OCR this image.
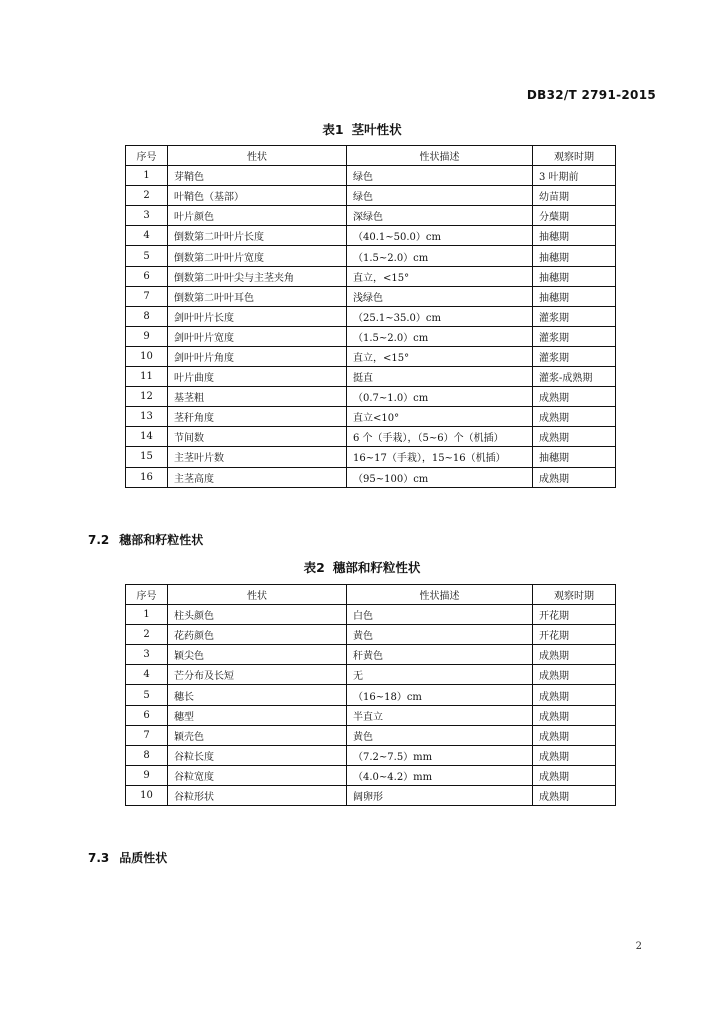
DB32/T 2791-2015
表1 茎叶性状
序号	性状	性状描述	观察时期
1	芽鞘色	绿色	3 叶期前
2	叶鞘色（基部）	绿色	幼苗期
3	叶片颜色	深绿色	分蘖期
4	倒数第二叶叶片长度	（40.1~50.0）cm	抽穗期
5	倒数第二叶叶片宽度	（1.5~2.0）cm	抽穗期
6	倒数第二叶叶尖与主茎夹角	直立，<15°	抽穗期
7	倒数第二叶叶耳色	浅绿色	抽穗期
8	剑叶叶片长度	（25.1~35.0）cm	灌浆期
9	剑叶叶片宽度	（1.5~2.0）cm	灌浆期
10	剑叶叶片角度	直立，<15°	灌浆期
11	叶片曲度	挺直	灌浆-成熟期
12	基茎粗	（0.7~1.0）cm	成熟期
13	茎秆角度	直立<10°	成熟期
14	节间数	6 个（手栽），（5~6）个（机插）	成熟期
15	主茎叶片数	16~17（手栽），15~16（机插）	抽穗期
16	主茎高度	（95~100）cm	成熟期
7.2 穗部和籽粒性状
表2 穗部和籽粒性状
序号	性状	性状描述	观察时期
1	柱头颜色	白色	开花期
2	花药颜色	黄色	开花期
3	颖尖色	秆黄色	成熟期
4	芒分布及长短	无	成熟期
5	穗长	（16~18）cm	成熟期
6	穗型	半直立	成熟期
7	颖壳色	黄色	成熟期
8	谷粒长度	（7.2~7.5）mm	成熟期
9	谷粒宽度	（4.0~4.2）mm	成熟期
10	谷粒形状	阔卵形	成熟期
7.3 品质性状
2
